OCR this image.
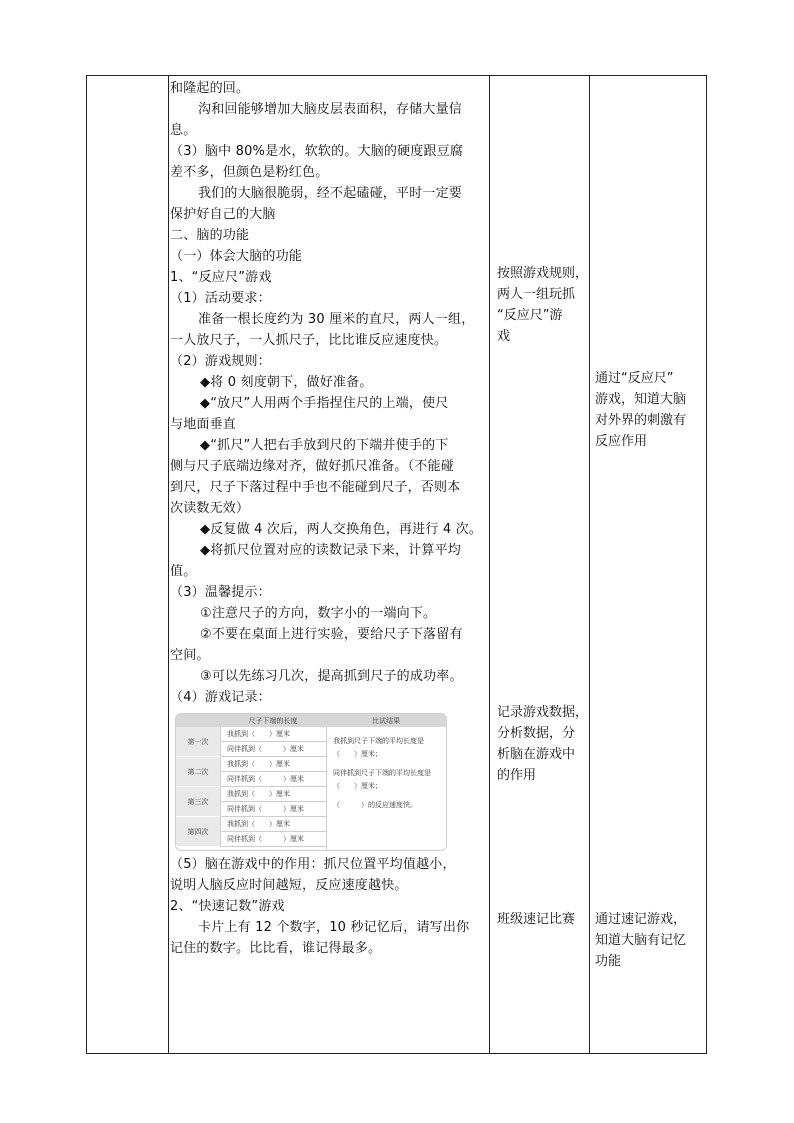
和隆起的回。
沟和回能够增加大脑皮层表面积，存储大量信
息。
（3）脑中 80%是水，软软的。大脑的硬度跟豆腐
差不多，但颜色是粉红色。
我们的大脑很脆弱，经不起磕碰，平时一定要
保护好自己的大脑
二、脑的功能
（一）体会大脑的功能
1、“反应尺”游戏
（1）活动要求：
准备一根长度约为 30 厘米的直尺，两人一组，
一人放尺子，一人抓尺子，比比谁反应速度快。
（2）游戏规则：
◆将 0 刻度朝下，做好准备。
◆“放尺”人用两个手指捏住尺的上端，使尺
与地面垂直
◆“抓尺”人把右手放到尺的下端并使手的下
侧与尺子底端边缘对齐，做好抓尺准备。（不能碰
到尺，尺子下落过程中手也不能碰到尺子，否则本
次读数无效）
◆反复做 4 次后，两人交换角色，再进行 4 次。
◆将抓尺位置对应的读数记录下来，计算平均
值。
（3）温馨提示：
①注意尺子的方向，数字小的一端向下。
②不要在桌面上进行实验，要给尺子下落留有
空间。
③可以先练习几次，提高抓到尺子的成功率。
（4）游戏记录：
尺子下端的长度	比试结果
第一次
第二次
第三次
第四次
我抓到（　　）厘米
同伴抓到（　　　）厘米
我抓到（　　）厘米
同伴抓到（　　　）厘米
我抓到（　　）厘米
同伴抓到（　　　）厘米
我抓到（　　）厘米
同伴抓到（　　　）厘米
我抓到尺子下端的平均长度是（　　）厘米；
同伴抓到尺子下端的平均长度是（　　）厘米；
（　　　）的反应速度快。
（5）脑在游戏中的作用：抓尺位置平均值越小，
说明人脑反应时间越短，反应速度越快。
2、“快速记数”游戏
卡片上有 12 个数字，10 秒记忆后，请写出你
记住的数字。比比看，谁记得最多。
按照游戏规则，
两人一组玩抓
“反应尺”游
戏
记录游戏数据，
分析数据，分
析脑在游戏中
的作用
班级速记比赛
通过“反应尺”
游戏，知道大脑
对外界的刺激有
反应作用
通过速记游戏，
知道大脑有记忆
功能
